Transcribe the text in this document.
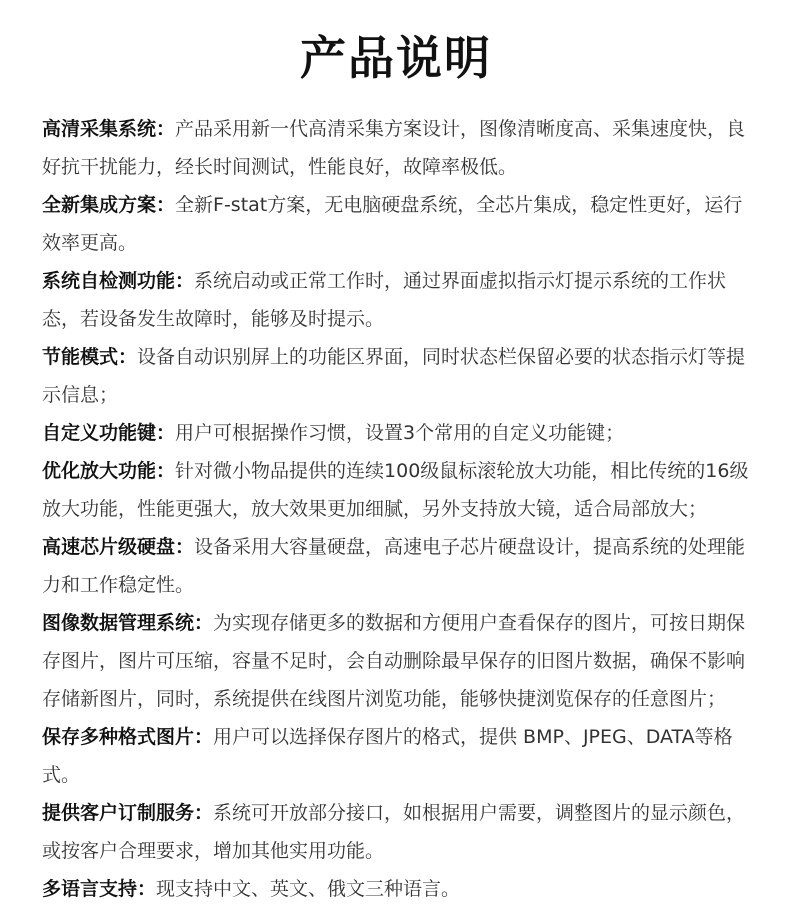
产品说明
高清采集系统：产品采用新一代高清采集方案设计，图像清晰度高、采集速度快，良好抗干扰能力，经长时间测试，性能良好，故障率极低。
全新集成方案：全新F-stat方案，无电脑硬盘系统，全芯片集成，稳定性更好，运行效率更高。
系统自检测功能：系统启动或正常工作时，通过界面虚拟指示灯提示系统的工作状态，若设备发生故障时，能够及时提示。
节能模式：设备自动识别屏上的功能区界面，同时状态栏保留必要的状态指示灯等提示信息；
自定义功能键：用户可根据操作习惯，设置3个常用的自定义功能键；
优化放大功能：针对微小物品提供的连续100级鼠标滚轮放大功能，相比传统的16级放大功能，性能更强大，放大效果更加细腻，另外支持放大镜，适合局部放大；
高速芯片级硬盘：设备采用大容量硬盘，高速电子芯片硬盘设计，提高系统的处理能力和工作稳定性。
图像数据管理系统：为实现存储更多的数据和方便用户查看保存的图片，可按日期保存图片，图片可压缩，容量不足时，会自动删除最早保存的旧图片数据，确保不影响存储新图片，同时，系统提供在线图片浏览功能，能够快捷浏览保存的任意图片；
保存多种格式图片：用户可以选择保存图片的格式，提供 BMP、JPEG、DATA等格式。
提供客户订制服务：系统可开放部分接口，如根据用户需要，调整图片的显示颜色，或按客户合理要求，增加其他实用功能。
多语言支持：现支持中文、英文、俄文三种语言。
